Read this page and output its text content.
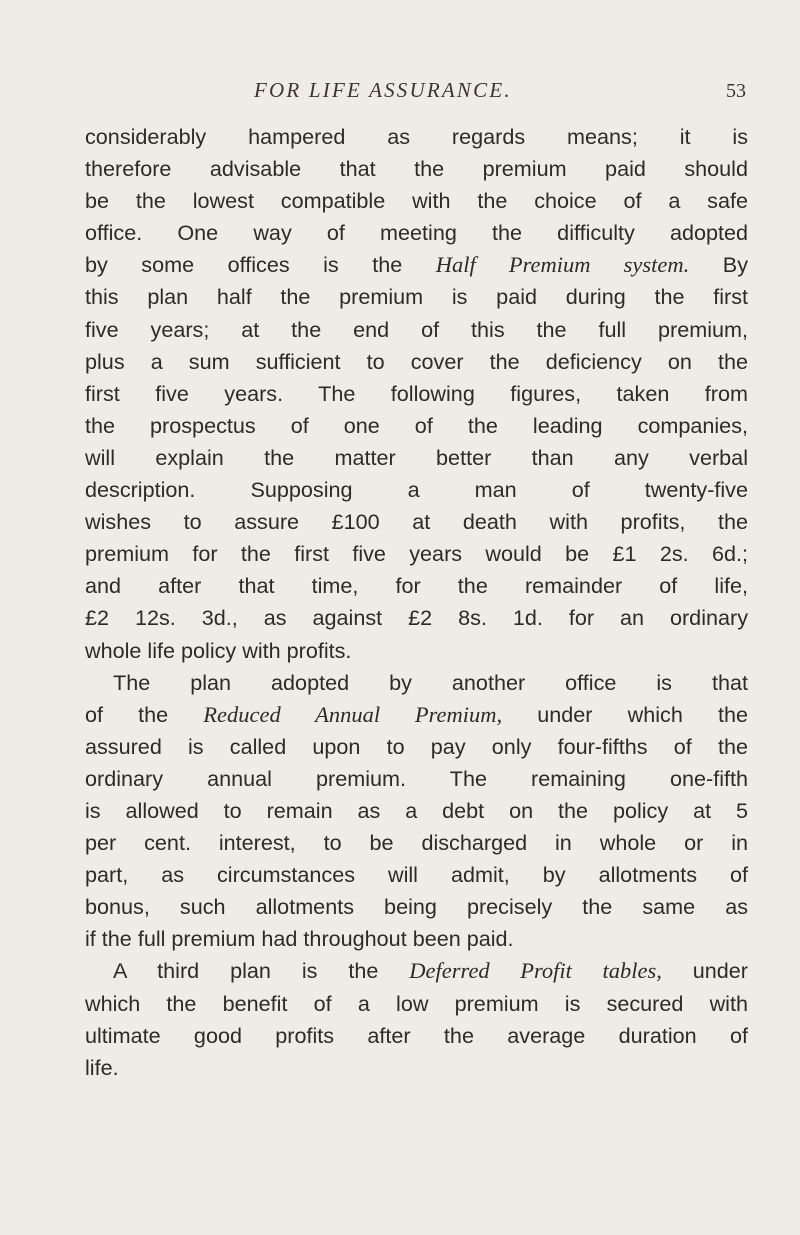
FOR LIFE ASSURANCE.	53
considerably hampered as regards means; it is
therefore advisable that the premium paid should
be the lowest compatible with the choice of a safe
office. One way of meeting the difficulty adopted
by some offices is the Half Premium system. By
this plan half the premium is paid during the first
five years; at the end of this the full premium,
plus a sum sufficient to cover the deficiency on the
first five years. The following figures, taken from
the prospectus of one of the leading companies,
will explain the matter better than any verbal
description. Supposing a man of twenty-five
wishes to assure £100 at death with profits, the
premium for the first five years would be £1 2s. 6d.;
and after that time, for the remainder of life,
£2 12s. 3d., as against £2 8s. 1d. for an ordinary
whole life policy with profits.
The plan adopted by another office is that
of the Reduced Annual Premium, under which the
assured is called upon to pay only four-fifths of the
ordinary annual premium. The remaining one-fifth
is allowed to remain as a debt on the policy at 5
per cent. interest, to be discharged in whole or in
part, as circumstances will admit, by allotments of
bonus, such allotments being precisely the same as
if the full premium had throughout been paid.
A third plan is the Deferred Profit tables, under
which the benefit of a low premium is secured with
ultimate good profits after the average duration of
life.
